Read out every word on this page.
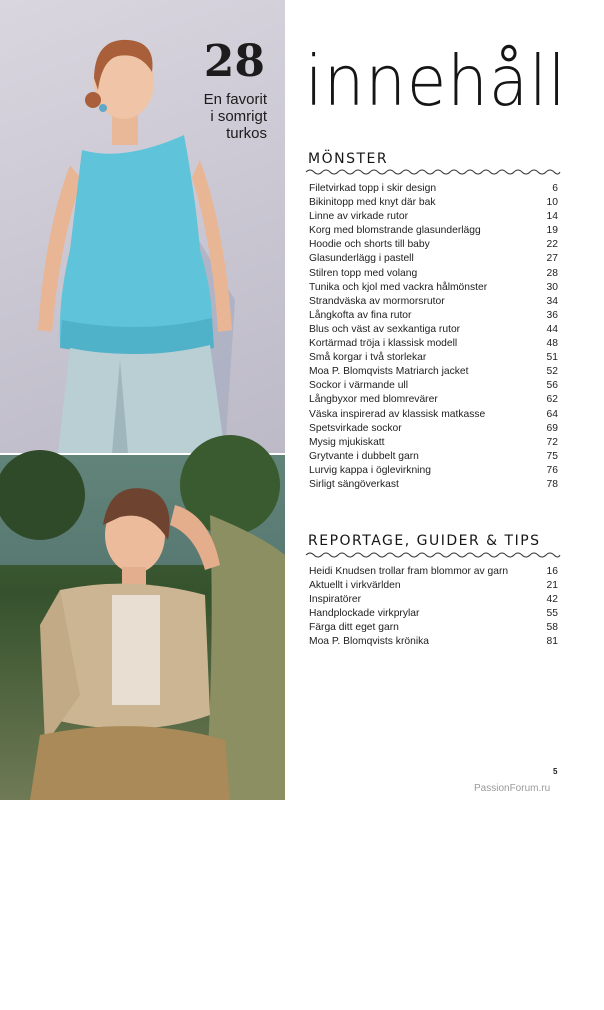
28
En favorit
i somrigt
turkos
44
Härligt av
hexagoner
innehåll
MÖNSTER
Filetvirkad topp i skir design	6
Bikinitopp med knyt där bak	10
Linne av virkade rutor	14
Korg med blomstrande glasunderlägg	19
Hoodie och shorts till baby	22
Glasunderlägg i pastell	27
Stilren topp med volang	28
Tunika och kjol med vackra hålmönster	30
Strandväska av mormorsrutor	34
Långkofta av fina rutor	36
Blus och väst av sexkantiga rutor	44
Kortärmad tröja i klassisk modell	48
Små korgar i två storlekar	51
Moa P. Blomqvists Matriarch jacket	52
Sockor i värmande ull	56
Långbyxor med blomrevärer	62
Väska inspirerad av klassisk matkasse	64
Spetsvirkade sockor	69
Mysig mjukiskatt	72
Grytvante i dubbelt garn	75
Lurvig kappa i öglevirkning	76
Sirligt sängöverkast	78
REPORTAGE, GUIDER & TIPS
Heidi Knudsen trollar fram blommor av garn	16
Aktuellt i virkvärlden	21
Inspiratörer	42
Handplockade virkprylar	55
Färga ditt eget garn	58
Moa P. Blomqvists krönika	81
5
PassionForum.ru
